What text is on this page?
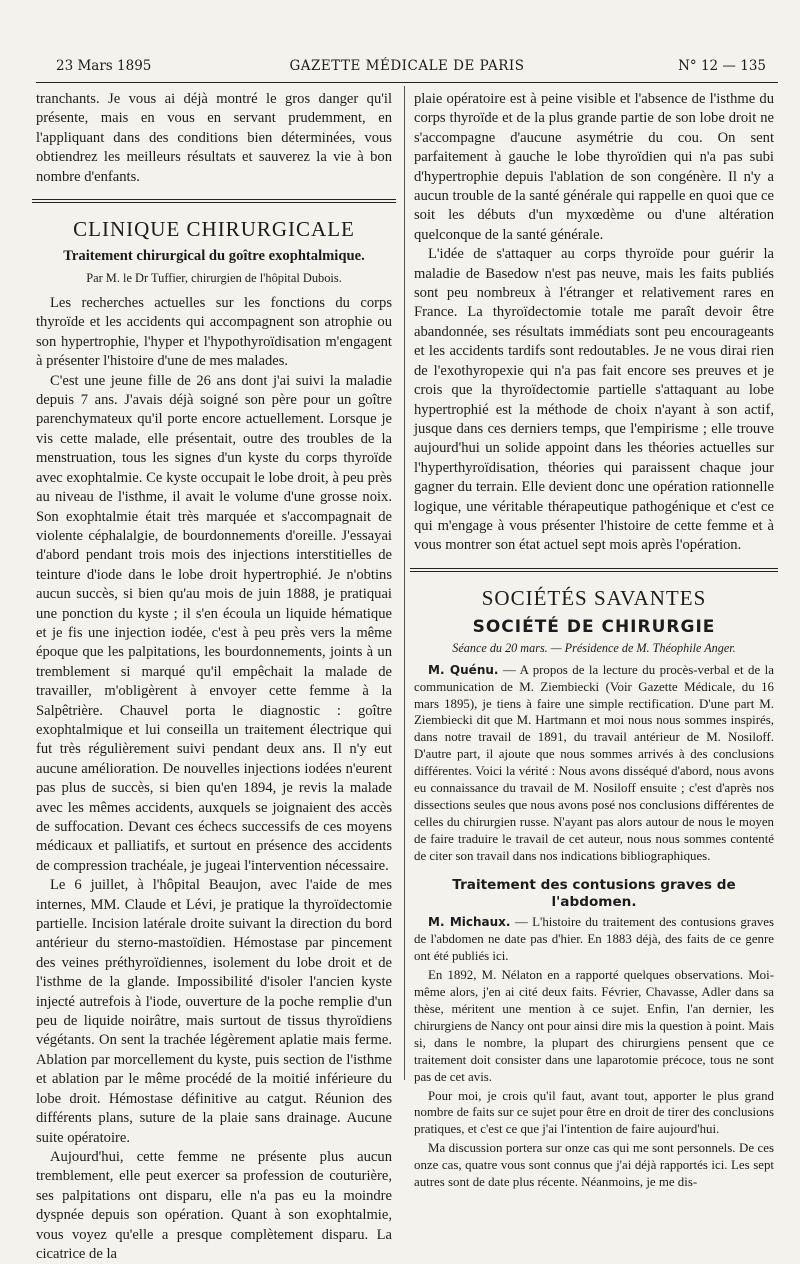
23 Mars 1895	GAZETTE MÉDICALE DE PARIS	N° 12 — 135

tranchants. Je vous ai déjà montré le gros danger qu'il présente, mais en vous en servant prudemment, en l'appliquant dans des conditions bien déterminées, vous obtiendrez les meilleurs résultats et sauverez la vie à bon nombre d'enfants.

CLINIQUE CHIRURGICALE
Traitement chirurgical du goître exophtalmique.
Par M. le Dr Tuffier, chirurgien de l'hôpital Dubois.

Les recherches actuelles sur les fonctions du corps thyroïde et les accidents qui accompagnent son atrophie ou son hypertrophie, l'hyper et l'hypothyroïdisation m'engagent à présenter l'histoire d'une de mes malades.

C'est une jeune fille de 26 ans dont j'ai suivi la maladie depuis 7 ans. J'avais déjà soigné son père pour un goître parenchymateux qu'il porte encore actuellement. Lorsque je vis cette malade, elle présentait, outre des troubles de la menstruation, tous les signes d'un kyste du corps thyroïde avec exophtalmie. Ce kyste occupait le lobe droit, à peu près au niveau de l'isthme, il avait le volume d'une grosse noix. Son exophtalmie était très marquée et s'accompagnait de violente céphalalgie, de bourdonnements d'oreille. J'essayai d'abord pendant trois mois des injections interstitielles de teinture d'iode dans le lobe droit hypertrophié. Je n'obtins aucun succès, si bien qu'au mois de juin 1888, je pratiquai une ponction du kyste ; il s'en écoula un liquide hématique et je fis une injection iodée, c'est à peu près vers la même époque que les palpitations, les bourdonnements, joints à un tremblement si marqué qu'il empêchait la malade de travailler, m'obligèrent à envoyer cette femme à la Salpêtrière. Chauvel porta le diagnostic : goître exophtalmique et lui conseilla un traitement électrique qui fut très régulièrement suivi pendant deux ans. Il n'y eut aucune amélioration. De nouvelles injections iodées n'eurent pas plus de succès, si bien qu'en 1894, je revis la malade avec les mêmes accidents, auxquels se joignaient des accès de suffocation. Devant ces échecs successifs de ces moyens médicaux et palliatifs, et surtout en présence des accidents de compression trachéale, je jugeai l'intervention nécessaire.

Le 6 juillet, à l'hôpital Beaujon, avec l'aide de mes internes, MM. Claude et Lévi, je pratique la thyroïdectomie partielle. Incision latérale droite suivant la direction du bord antérieur du sterno-mastoïdien. Hémostase par pincement des veines préthyroïdiennes, isolement du lobe droit et de l'isthme de la glande. Impossibilité d'isoler l'ancien kyste injecté autrefois à l'iode, ouverture de la poche remplie d'un peu de liquide noirâtre, mais surtout de tissus thyroïdiens végétants. On sent la trachée légèrement aplatie mais ferme. Ablation par morcellement du kyste, puis section de l'isthme et ablation par le même procédé de la moitié inférieure du lobe droit. Hémostase définitive au catgut. Réunion des différents plans, suture de la plaie sans drainage. Aucune suite opératoire.

Aujourd'hui, cette femme ne présente plus aucun tremblement, elle peut exercer sa profession de couturière, ses palpitations ont disparu, elle n'a pas eu la moindre dyspnée depuis son opération. Quant à son exophtalmie, vous voyez qu'elle a presque complètement disparu. La cicatrice de la

plaie opératoire est à peine visible et l'absence de l'isthme du corps thyroïde et de la plus grande partie de son lobe droit ne s'accompagne d'aucune asymétrie du cou. On sent parfaitement à gauche le lobe thyroïdien qui n'a pas subi d'hypertrophie depuis l'ablation de son congénère. Il n'y a aucun trouble de la santé générale qui rappelle en quoi que ce soit les débuts d'un myxœdème ou d'une altération quelconque de la santé générale.

L'idée de s'attaquer au corps thyroïde pour guérir la maladie de Basedow n'est pas neuve, mais les faits publiés sont peu nombreux à l'étranger et relativement rares en France. La thyroïdectomie totale me paraît devoir être abandonnée, ses résultats immédiats sont peu encourageants et les accidents tardifs sont redoutables. Je ne vous dirai rien de l'exothyropexie qui n'a pas fait encore ses preuves et je crois que la thyroïdectomie partielle s'attaquant au lobe hypertrophié est la méthode de choix n'ayant à son actif, jusque dans ces derniers temps, que l'empirisme ; elle trouve aujourd'hui un solide appoint dans les théories actuelles sur l'hyperthyroïdisation, théories qui paraissent chaque jour gagner du terrain. Elle devient donc une opération rationnelle logique, une véritable thérapeutique pathogénique et c'est ce qui m'engage à vous présenter l'histoire de cette femme et à vous montrer son état actuel sept mois après l'opération.

SOCIÉTÉS SAVANTES
SOCIÉTÉ DE CHIRURGIE
Séance du 20 mars. — Présidence de M. Théophile Anger.

M. Quénu. — A propos de la lecture du procès-verbal et de la communication de M. Ziembiecki (Voir Gazette Médicale, du 16 mars 1895), je tiens à faire une simple rectification. D'une part M. Ziembiecki dit que M. Hartmann et moi nous nous sommes inspirés, dans notre travail de 1891, du travail antérieur de M. Nosiloff. D'autre part, il ajoute que nous sommes arrivés à des conclusions différentes. Voici la vérité : Nous avons disséqué d'abord, nous avons eu connaissance du travail de M. Nosiloff ensuite ; c'est d'après nos dissections seules que nous avons posé nos conclusions différentes de celles du chirurgien russe. N'ayant pas alors autour de nous le moyen de faire traduire le travail de cet auteur, nous nous sommes contenté de citer son travail dans nos indications bibliographiques.

Traitement des contusions graves de l'abdomen.

M. Michaux. — L'histoire du traitement des contusions graves de l'abdomen ne date pas d'hier. En 1883 déjà, des faits de ce genre ont été publiés ici.

En 1892, M. Nélaton en a rapporté quelques observations. Moi-même alors, j'en ai cité deux faits. Février, Chavasse, Adler dans sa thèse, méritent une mention à ce sujet. Enfin, l'an dernier, les chirurgiens de Nancy ont pour ainsi dire mis la question à point. Mais si, dans le nombre, la plupart des chirurgiens pensent que ce traitement doit consister dans une laparotomie précoce, tous ne sont pas de cet avis.

Pour moi, je crois qu'il faut, avant tout, apporter le plus grand nombre de faits sur ce sujet pour être en droit de tirer des conclusions pratiques, et c'est ce que j'ai l'intention de faire aujourd'hui.

Ma discussion portera sur onze cas qui me sont personnels. De ces onze cas, quatre vous sont connus que j'ai déjà rapportés ici. Les sept autres sont de date plus récente. Néanmoins, je me dis-
